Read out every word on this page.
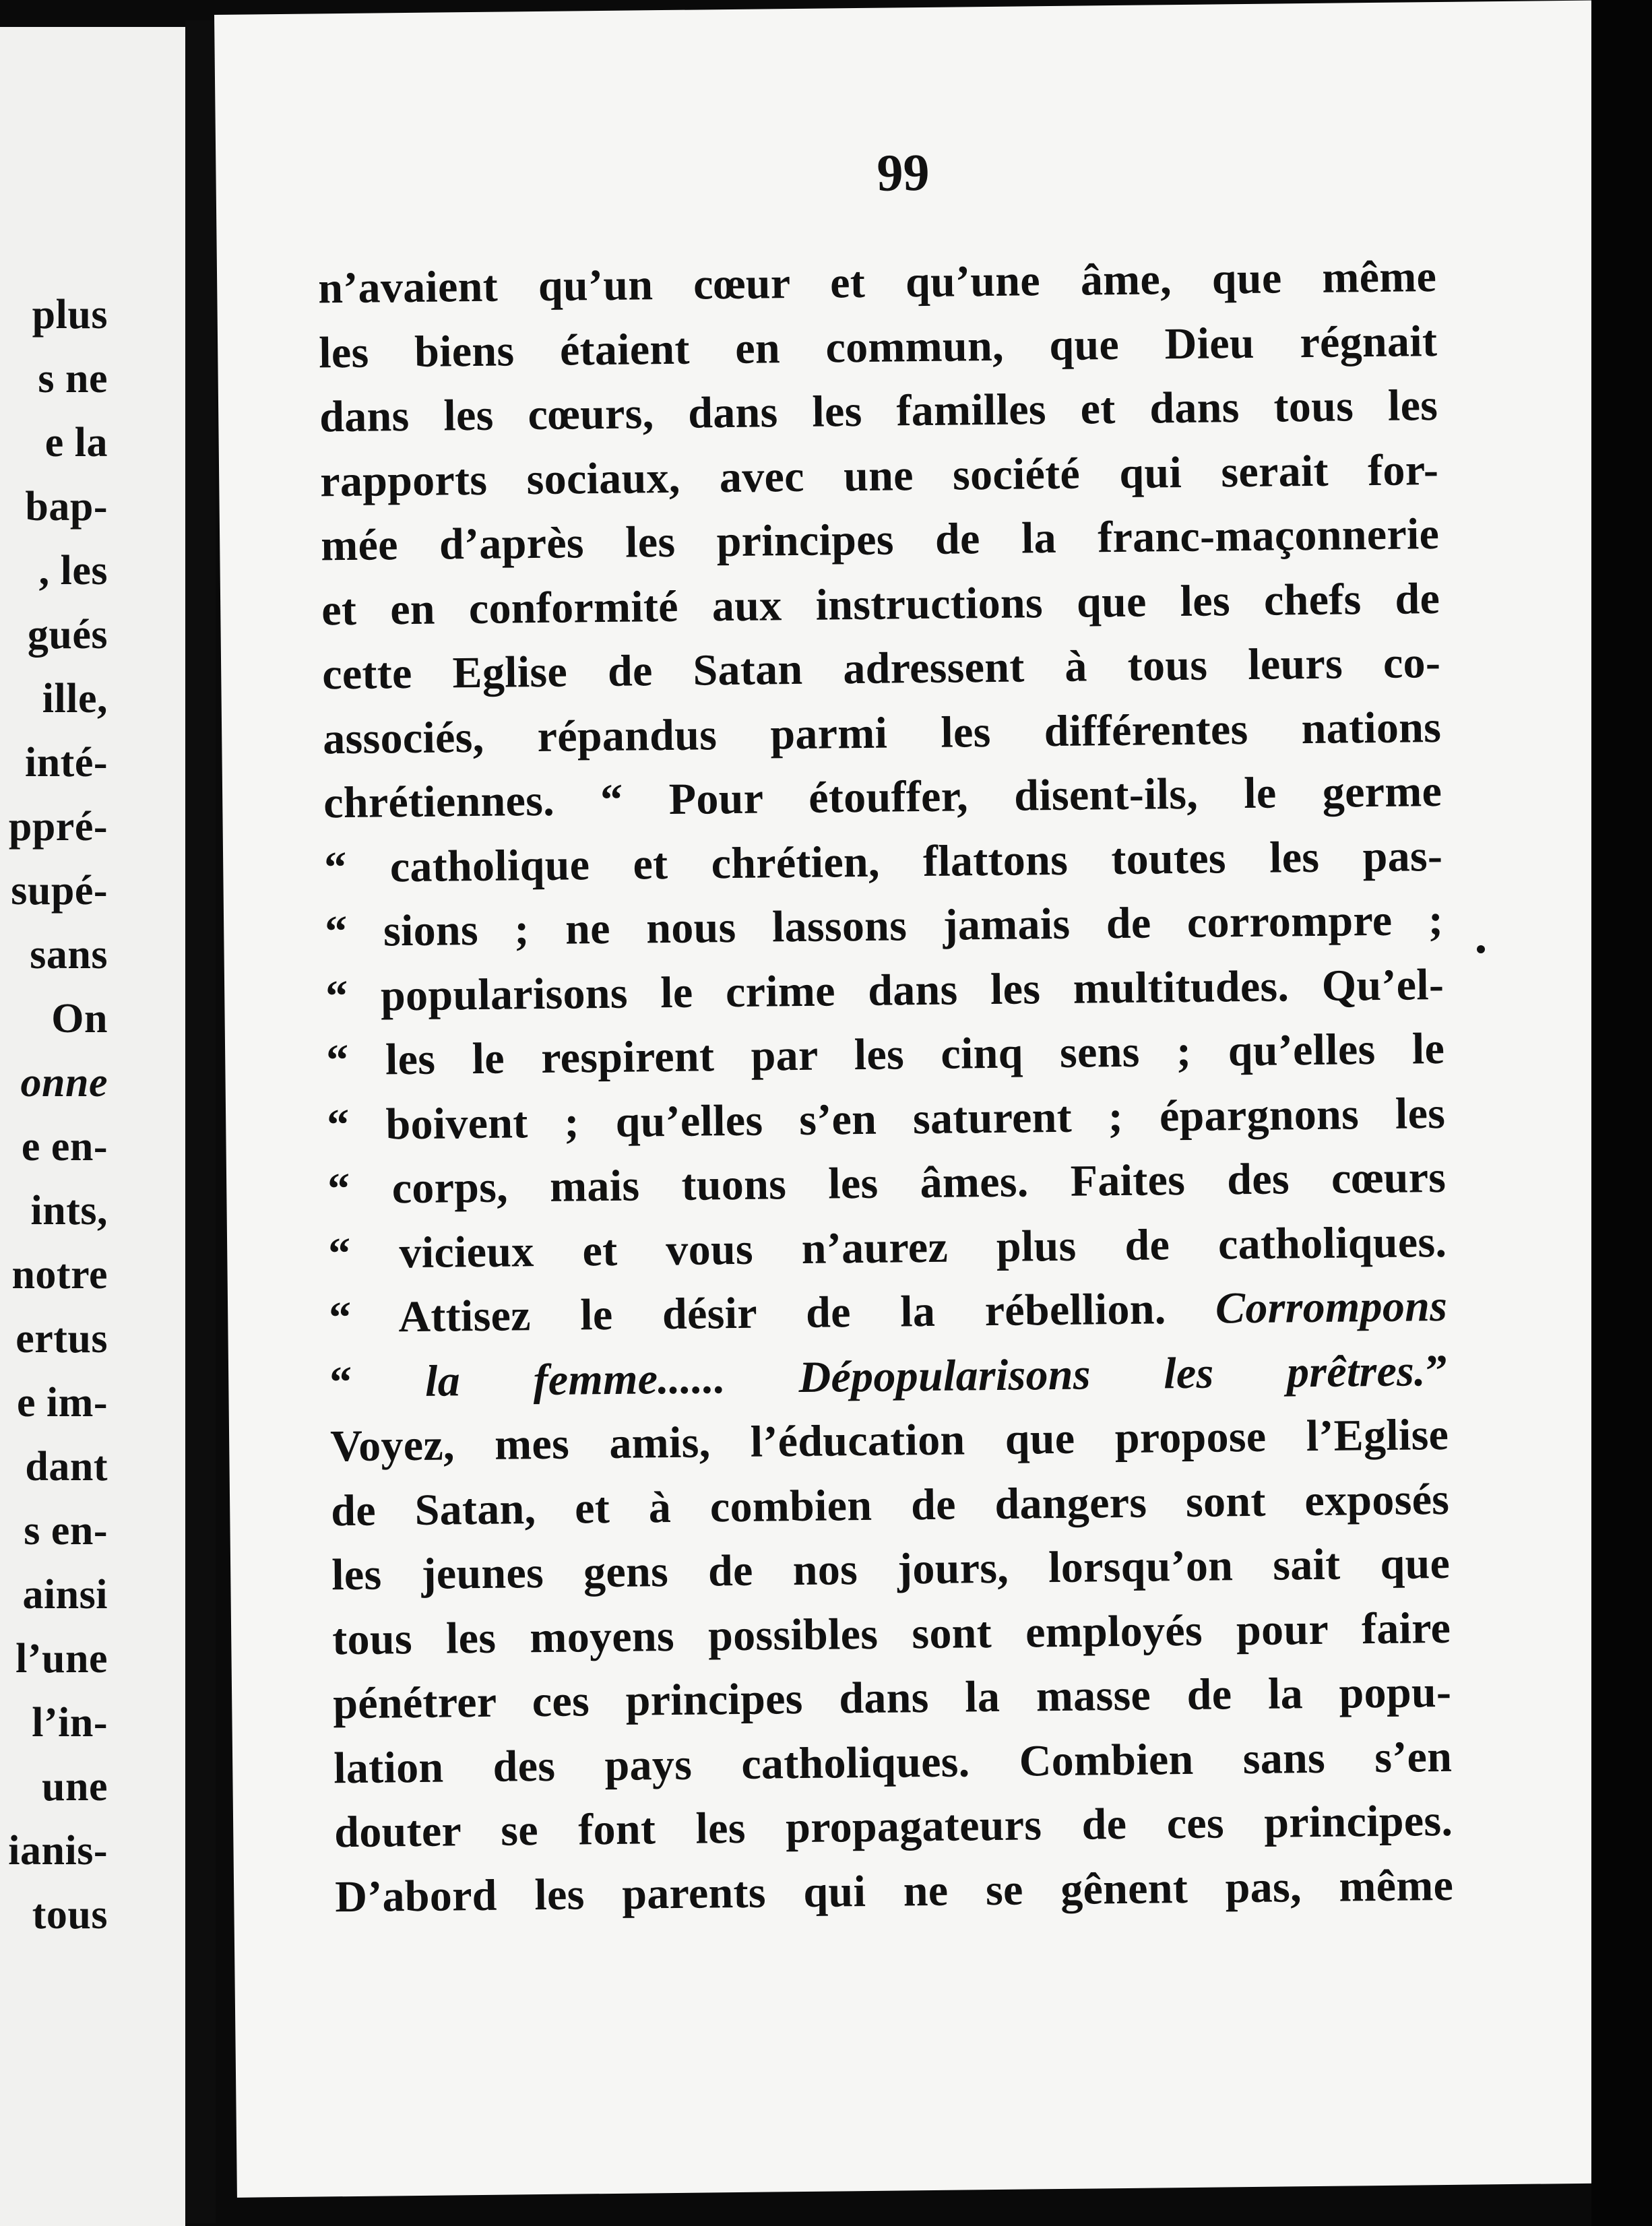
plus
s ne
e la
bap-
, les
gués
ille,
inté-
ppré-
supé-
sans
On
onne
e en-
ints,
notre
ertus
e im-
dant
s en-
ainsi
l’une
l’in-
une
ianis-
tous
99
n’avaient qu’un cœur et qu’une âme, que même
les biens étaient en commun, que Dieu régnait
dans les cœurs, dans les familles et dans tous les
rapports sociaux, avec une société qui serait for-
mée d’après les principes de la franc-maçonnerie
et en conformité aux instructions que les chefs de
cette Eglise de Satan adressent à tous leurs co-
associés, répandus parmi les différentes nations
chrétiennes. “ Pour étouffer, disent-ils, le germe
“ catholique et chrétien, flattons toutes les pas-
“ sions ; ne nous lassons jamais de corrompre ;
“ popularisons le crime dans les multitudes. Qu’el-
“ les le respirent par les cinq sens ; qu’elles le
“ boivent ; qu’elles s’en saturent ; épargnons les
“ corps, mais tuons les âmes. Faites des cœurs
“ vicieux et vous n’aurez plus de catholiques.
“ Attisez le désir de la rébellion. Corrompons
“ la femme...... Dépopularisons les prêtres.”
Voyez, mes amis, l’éducation que propose l’Eglise
de Satan, et à combien de dangers sont exposés
les jeunes gens de nos jours, lorsqu’on sait que
tous les moyens possibles sont employés pour faire
pénétrer ces principes dans la masse de la popu-
lation des pays catholiques. Combien sans s’en
douter se font les propagateurs de ces principes.
D’abord les parents qui ne se gênent pas, même
